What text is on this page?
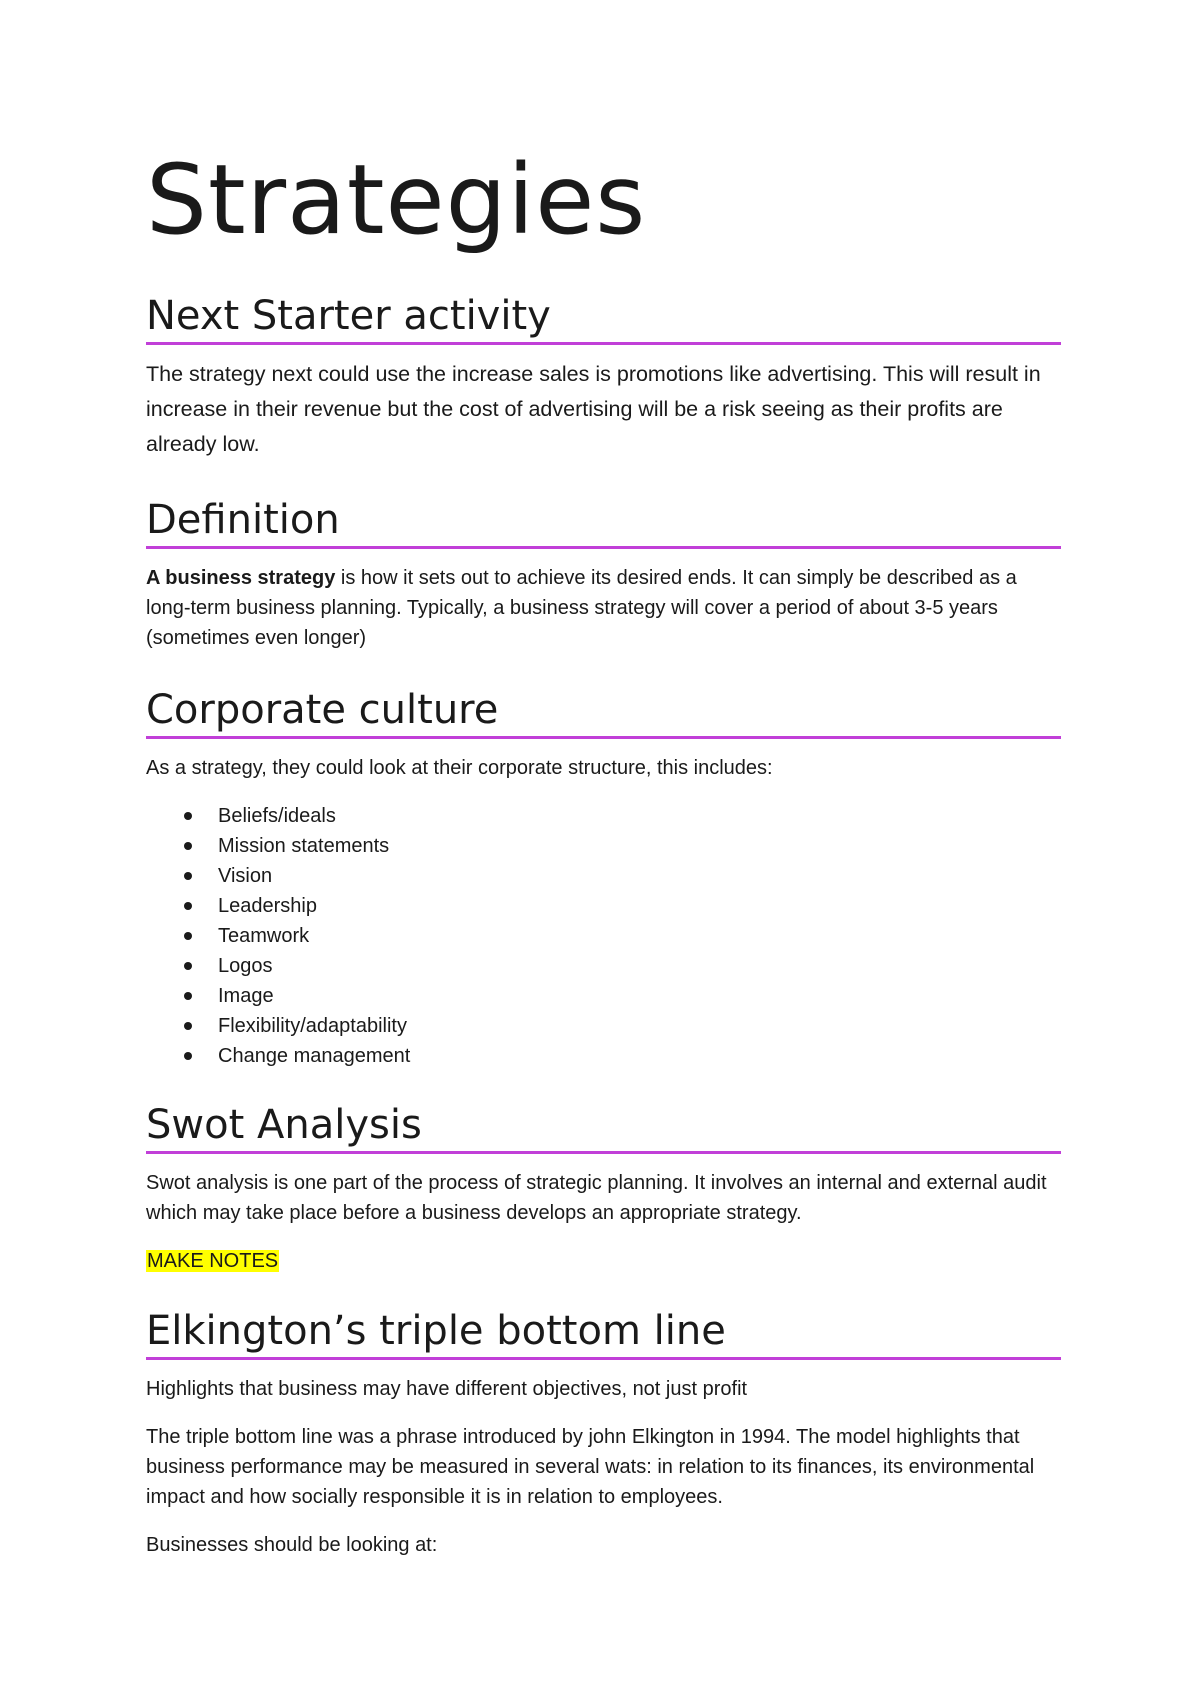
Strategies
Next Starter activity

The strategy next could use the increase sales is promotions like advertising. This will result in increase in their revenue but the cost of advertising will be a risk seeing as their profits are already low.

Definition

A business strategy is how it sets out to achieve its desired ends. It can simply be described as a long-term business planning. Typically, a business strategy will cover a period of about 3-5 years (sometimes even longer)

Corporate culture

As a strategy, they could look at their corporate structure, this includes:

Beliefs/ideals
Mission statements
Vision
Leadership
Teamwork
Logos
Image
Flexibility/adaptability
Change management
Swot Analysis

Swot analysis is one part of the process of strategic planning. It involves an internal and external audit which may take place before a business develops an appropriate strategy.

MAKE NOTES

Elkington’s triple bottom line

Highlights that business may have different objectives, not just profit

The triple bottom line was a phrase introduced by john Elkington in 1994. The model highlights that business performance may be measured in several wats: in relation to its finances, its environmental impact and how socially responsible it is in relation to employees.

Businesses should be looking at:
